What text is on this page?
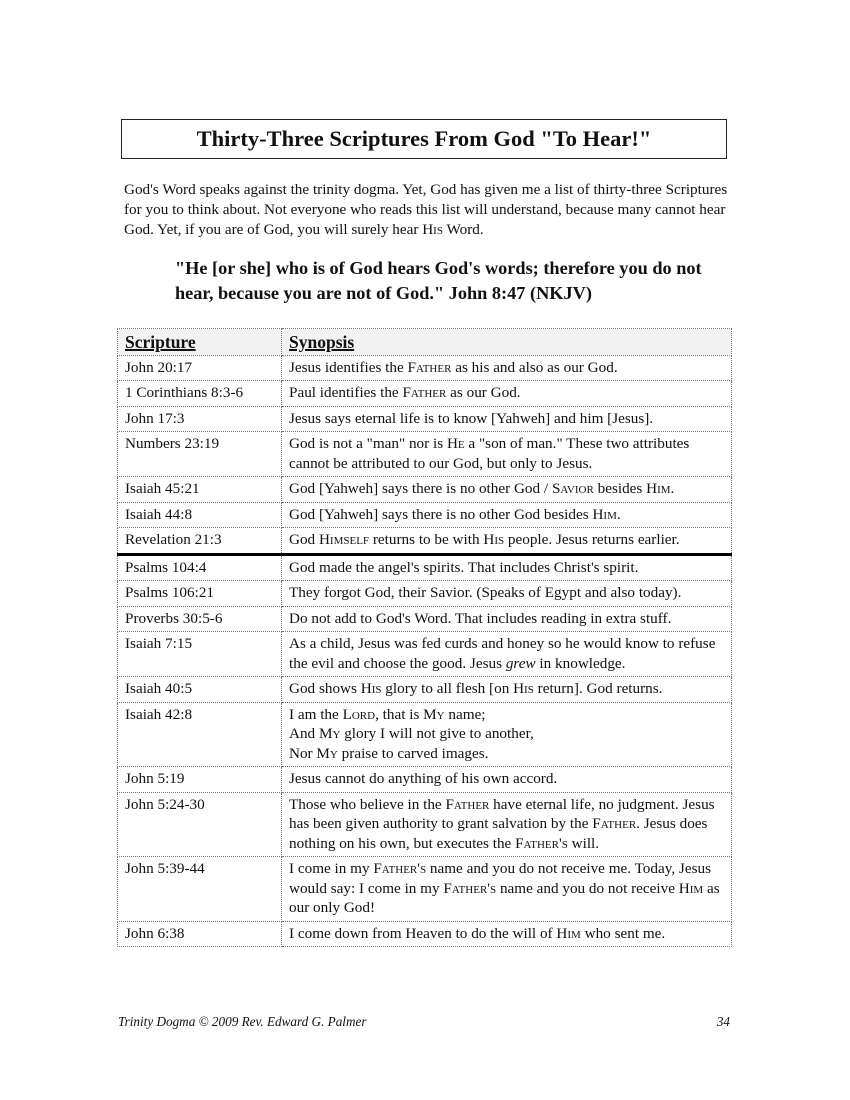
Thirty-Three Scriptures From God "To Hear!"
God's Word speaks against the trinity dogma. Yet, God has given me a list of thirty-three Scriptures for you to think about. Not everyone who reads this list will understand, because many cannot hear God. Yet, if you are of God, you will surely hear His Word.
"He [or she] who is of God hears God's words; therefore you do not hear, because you are not of God." John 8:47 (NKJV)
Scripture	Synopsis
John 20:17	Jesus identifies the Father as his and also as our God.
1 Corinthians 8:3-6	Paul identifies the Father as our God.
John 17:3	Jesus says eternal life is to know [Yahweh] and him [Jesus].
Numbers 23:19	God is not a "man" nor is He a "son of man." These two attributes cannot be attributed to our God, but only to Jesus.
Isaiah 45:21	God [Yahweh] says there is no other God / Savior besides Him.
Isaiah 44:8	God [Yahweh] says there is no other God besides Him.
Revelation 21:3	God Himself returns to be with His people. Jesus returns earlier.
Psalms 104:4	God made the angel's spirits. That includes Christ's spirit.
Psalms 106:21	They forgot God, their Savior. (Speaks of Egypt and also today).
Proverbs 30:5-6	Do not add to God's Word. That includes reading in extra stuff.
Isaiah 7:15	As a child, Jesus was fed curds and honey so he would know to refuse the evil and choose the good. Jesus grew in knowledge.
Isaiah 40:5	God shows His glory to all flesh [on His return]. God returns.
Isaiah 42:8	I am the Lord, that is My name;
And My glory I will not give to another,
Nor My praise to carved images.
John 5:19	Jesus cannot do anything of his own accord.
John 5:24-30	Those who believe in the Father have eternal life, no judgment. Jesus has been given authority to grant salvation by the Father. Jesus does nothing on his own, but executes the Father's will.
John 5:39-44	I come in my Father's name and you do not receive me. Today, Jesus would say: I come in my Father's name and you do not receive Him as our only God!
John 6:38	I come down from Heaven to do the will of Him who sent me.
Trinity Dogma © 2009 Rev. Edward G. Palmer	34
